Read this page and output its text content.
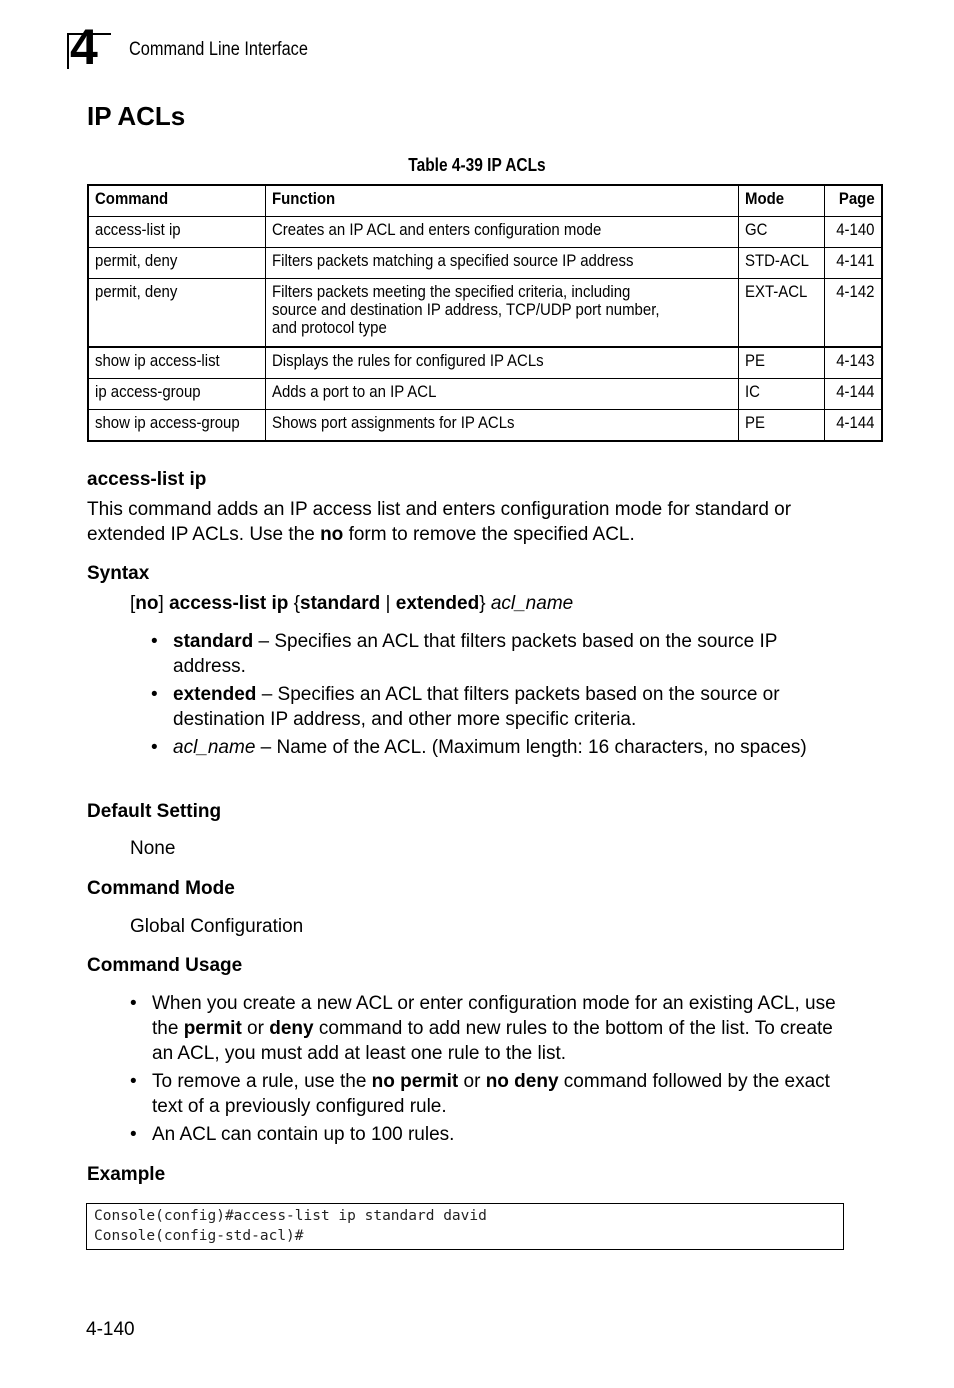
4 Command Line Interface
IP ACLs
Table 4-39 IP ACLs
Command	Function	Mode	Page
access-list ip	Creates an IP ACL and enters configuration mode	GC	4-140
permit, deny	Filters packets matching a specified source IP address	STD-ACL	4-141
permit, deny	Filters packets meeting the specified criteria, including source and destination IP address, TCP/UDP port number, and protocol type	EXT-ACL	4-142
show ip access-list	Displays the rules for configured IP ACLs	PE	4-143
ip access-group	Adds a port to an IP ACL	IC	4-144
show ip access-group	Shows port assignments for IP ACLs	PE	4-144
access-list ip
This command adds an IP access list and enters configuration mode for standard or extended IP ACLs. Use the no form to remove the specified ACL.
Syntax
[no] access-list ip {standard | extended} acl_name
• standard – Specifies an ACL that filters packets based on the source IP address.
• extended – Specifies an ACL that filters packets based on the source or destination IP address, and other more specific criteria.
• acl_name – Name of the ACL. (Maximum length: 16 characters, no spaces)
Default Setting
None
Command Mode
Global Configuration
Command Usage
• When you create a new ACL or enter configuration mode for an existing ACL, use the permit or deny command to add new rules to the bottom of the list. To create an ACL, you must add at least one rule to the list.
• To remove a rule, use the no permit or no deny command followed by the exact text of a previously configured rule.
• An ACL can contain up to 100 rules.
Example
Console(config)#access-list ip standard david
Console(config-std-acl)#
4-140
